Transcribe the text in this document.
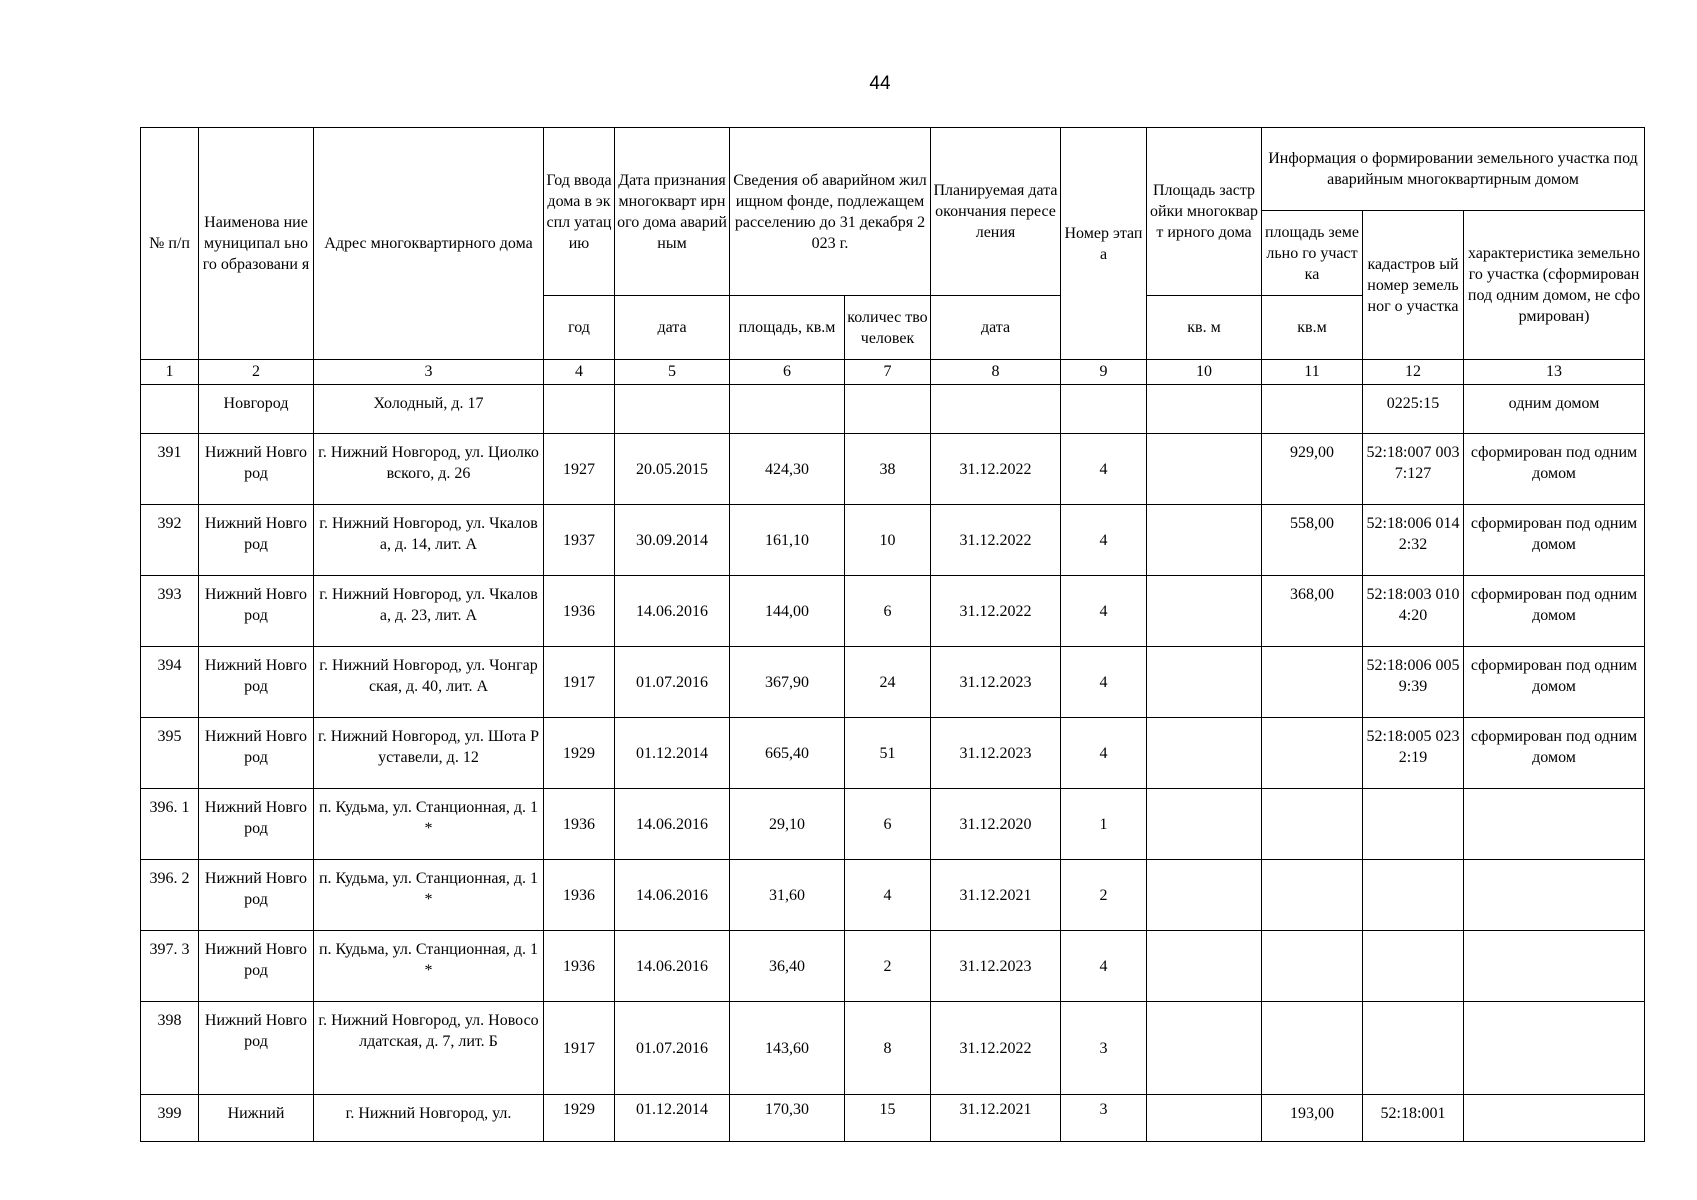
44
№ п/п	Наименова ние муниципал ьного образовани я	Адрес многоквартирного дома	Год ввода дома в экспл уатац ию	Дата признания многокварт ирного дома аварийным	Сведения об аварийном жилищном фонде, подлежащем расселению до 31 декабря 2023 г.		Планируемая дата окончания переселения	Номер этапа	Площадь застройки многокварт ирного дома	Информация о формировании земельного участка под аварийным многоквартирным домом		
										площадь земельно го участка	кадастров ый номер земельног о участка	характеристика земельного участка (сформирован под одним домом, не сформирован)
			год	дата	площадь, кв.м	количес тво человек	дата		кв. м	кв.м		
1	2	3	4	5	6	7	8	9	10	11	12	13
	Новгород	Холодный, д. 17									0225:15	одним домом
391	Нижний Новгород	г. Нижний Новгород, ул. Циолковского, д. 26	1927	20.05.2015	424,30	38	31.12.2022	4		929,00	52:18:007 0037:127	сформирован под одним домом
392	Нижний Новгород	г. Нижний Новгород, ул. Чкалова, д. 14, лит. А	1937	30.09.2014	161,10	10	31.12.2022	4		558,00	52:18:006 0142:32	сформирован под одним домом
393	Нижний Новгород	г. Нижний Новгород, ул. Чкалова, д. 23, лит. А	1936	14.06.2016	144,00	6	31.12.2022	4		368,00	52:18:003 0104:20	сформирован под одним домом
394	Нижний Новгород	г. Нижний Новгород, ул. Чонгарская, д. 40, лит. А	1917	01.07.2016	367,90	24	31.12.2023	4			52:18:006 0059:39	сформирован под одним домом
395	Нижний Новгород	г. Нижний Новгород, ул. Шота Руставели, д. 12	1929	01.12.2014	665,40	51	31.12.2023	4			52:18:005 0232:19	сформирован под одним домом
396. 1	Нижний Новгород	п. Кудьма, ул. Станционная, д. 1 *	1936	14.06.2016	29,10	6	31.12.2020	1				
396. 2	Нижний Новгород	п. Кудьма, ул. Станционная, д. 1 *	1936	14.06.2016	31,60	4	31.12.2021	2				
397. 3	Нижний Новгород	п. Кудьма, ул. Станционная, д. 1*	1936	14.06.2016	36,40	2	31.12.2023	4				
398	Нижний Новгород	г. Нижний Новгород, ул. Новосолдатская, д. 7, лит. Б	1917	01.07.2016	143,60	8	31.12.2022	3				
399	Нижний	г. Нижний Новгород, ул.	1929	01.12.2014	170,30	15	31.12.2021	3		193,00	52:18:001	
